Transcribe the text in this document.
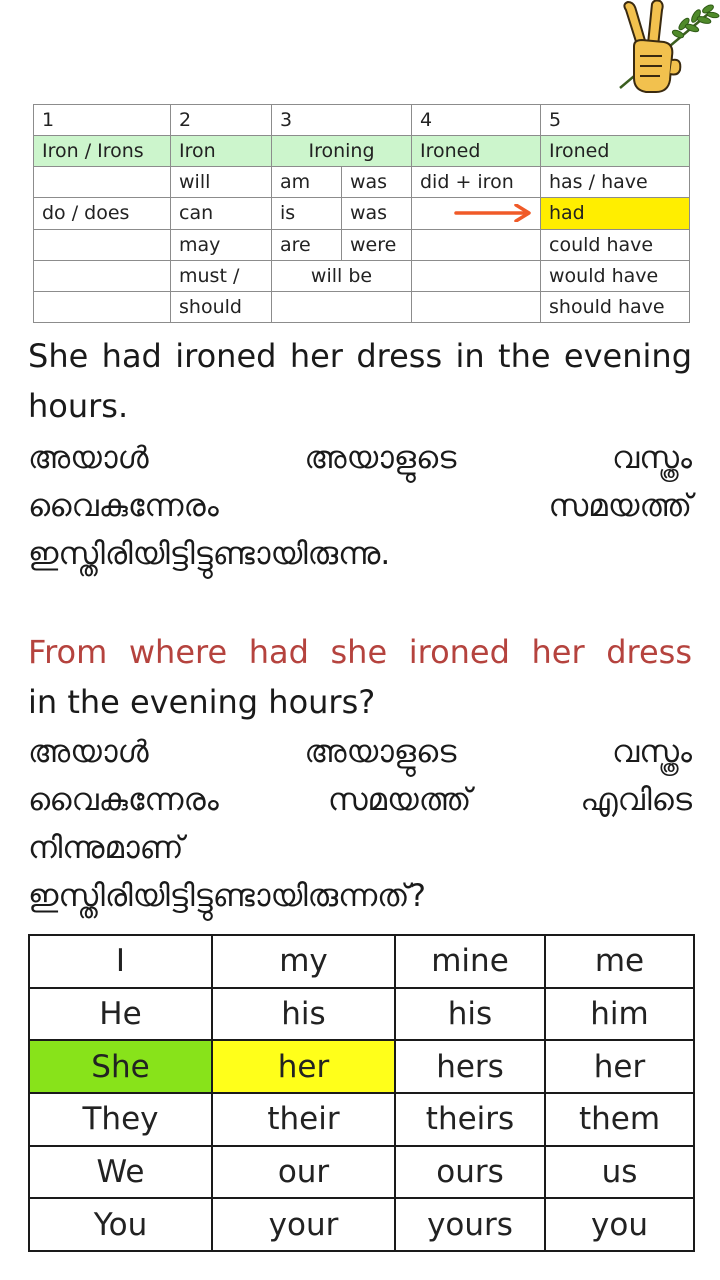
1	2	3		4	5
Iron / Irons	Iron	Ironing		Ironed	Ironed
	will	am	was	did + iron	has / have
do / does	can	is	was		had
	may	are	were		could have
	must /	will be			would have
	should				should have

She had ironed her dress in the evening hours.

അയാൾ അയാളുടെ വസ്ത്രം
വൈകുന്നേരം സമയത്ത്
ഇസ്തിരിയിട്ടിട്ടുണ്ടായിരുന്നു.

From where had she ironed her dress
in the evening hours?

അയാൾ അയാളുടെ വസ്ത്രം
വൈകുന്നേരം സമയത്ത് എവിടെ
നിന്നുമാണ്
ഇസ്തിരിയിട്ടിട്ടുണ്ടായിരുന്നത്?
I	my	mine	me
He	his	his	him
She	her	hers	her
They	their	theirs	them
We	our	ours	us
You	your	yours	you
